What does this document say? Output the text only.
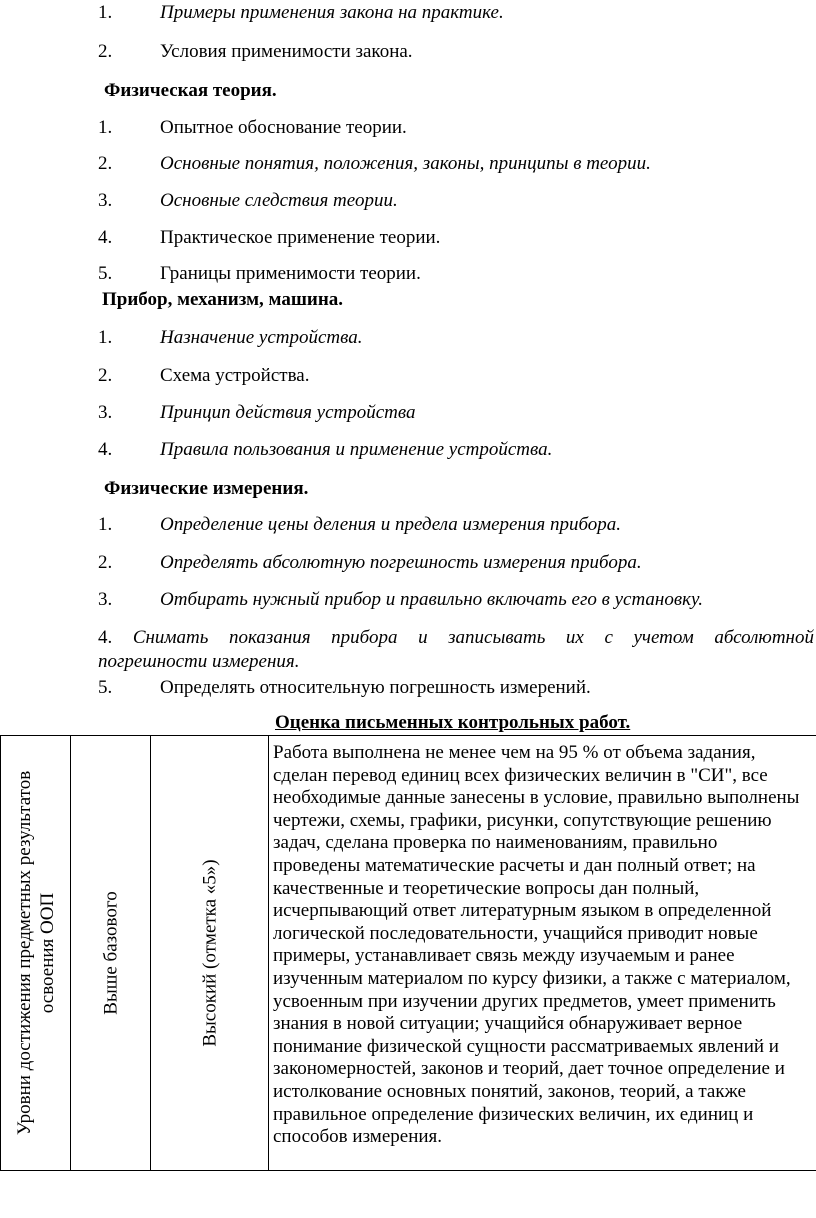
1.	Примеры применения закона на практике.
2.	Условия применимости закона.
Физическая теория.
1.	Опытное обоснование теории.
2.	Основные понятия, положения, законы, принципы в теории.
3.	Основные следствия теории.
4.	Практическое применение теории.
5.	Границы применимости теории.
Прибор, механизм, машина.
1.	Назначение устройства.
2.	Схема устройства.
3.	Принцип действия устройства
4.	Правила пользования и применение устройства.
Физические измерения.
1.	Определение цены деления и предела измерения прибора.
2.	Определять абсолютную погрешность измерения прибора.
3.	Отбирать нужный прибор и правильно включать его в установку.
4. Снимать показания прибора и записывать их с учетом абсолютной
погрешности измерения.
5.	Определять относительную погрешность измерений.
Оценка письменных контрольных работ.
Уровни достижения предметных результатов освоения ООП	Выше базового	Высокий (отметка «5»)

Работа выполнена не менее чем на 95 % от объема задания,
сделан перевод единиц всех физических величин в "СИ", все
необходимые данные занесены в условие, правильно выполнены
чертежи, схемы, графики, рисунки, сопутствующие решению
задач, сделана проверка по наименованиям, правильно
проведены математические расчеты и дан полный ответ; на
качественные и теоретические вопросы дан полный,
исчерпывающий ответ литературным языком в определенной
логической последовательности, учащийся приводит новые
примеры, устанавливает связь между изучаемым и ранее
изученным материалом по курсу физики, а также с материалом,
усвоенным при изучении других предметов, умеет применить
знания в новой ситуации; учащийся обнаруживает верное
понимание физической сущности рассматриваемых явлений и
закономерностей, законов и теорий, дает точное определение и
истолкование основных понятий, законов, теорий, а также
правильное определение физических величин, их единиц и
способов измерения.
